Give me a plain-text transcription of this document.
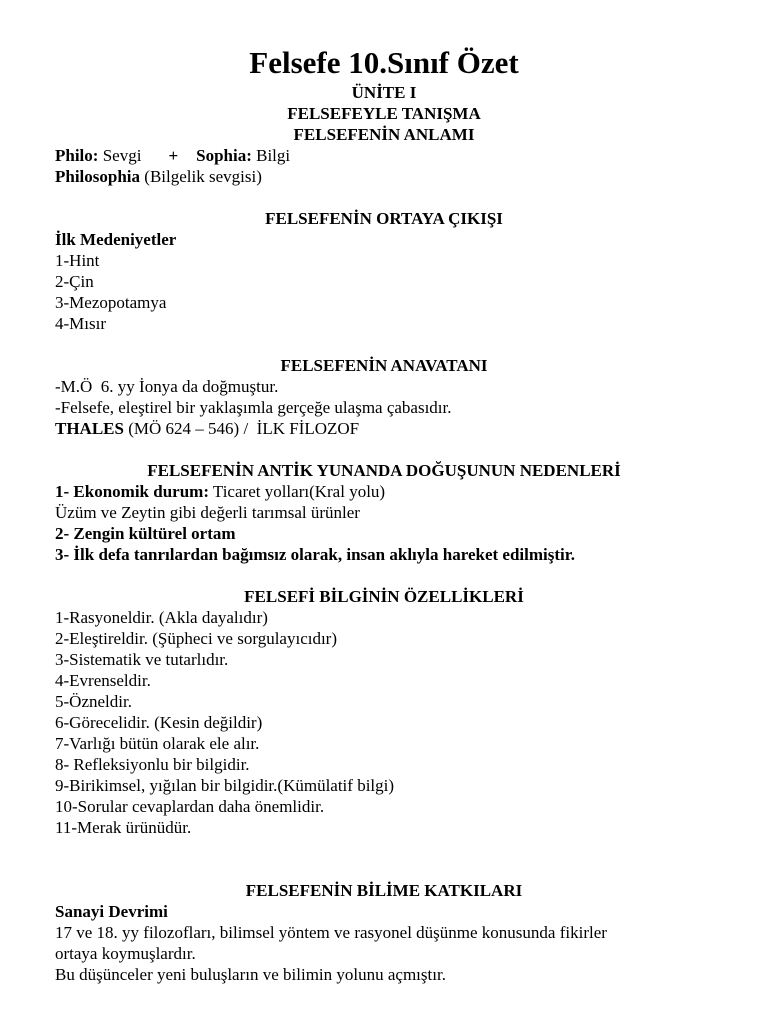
Felsefe 10.Sınıf Özet

ÜNİTE I

FELSEFEYLE TANIŞMA

FELSEFENİN ANLAMI

Philo: Sevgi + Sophia: Bilgi

Philosophia (Bilgelik sevgisi)

FELSEFENİN ORTAYA ÇIKIŞI

İlk Medeniyetler

1-Hint

2-Çin

3-Mezopotamya

4-Mısır

FELSEFENİN ANAVATANI

-M.Ö  6. yy İonya da doğmuştur.

-Felsefe, eleştirel bir yaklaşımla gerçeğe ulaşma çabasıdır.

THALES (MÖ 624 – 546) /  İLK FİLOZOF

FELSEFENİN ANTİK YUNANDA DOĞUŞUNUN NEDENLERİ

1- Ekonomik durum: Ticaret yolları(Kral yolu)

Üzüm ve Zeytin gibi değerli tarımsal ürünler

2- Zengin kültürel ortam

3- İlk defa tanrılardan bağımsız olarak, insan aklıyla hareket edilmiştir.

FELSEFİ BİLGİNİN ÖZELLİKLERİ

1-Rasyoneldir. (Akla dayalıdır)

2-Eleştireldir. (Şüpheci ve sorgulayıcıdır)

3-Sistematik ve tutarlıdır.

4-Evrenseldir.

5-Özneldir.

6-Görecelidir. (Kesin değildir)

7-Varlığı bütün olarak ele alır.

8- Refleksiyonlu bir bilgidir.

9-Birikimsel, yığılan bir bilgidir.(Kümülatif bilgi)

10-Sorular cevaplardan daha önemlidir.

11-Merak ürünüdür.

FELSEFENİN BİLİME KATKILARI

Sanayi Devrimi

17 ve 18. yy filozofları, bilimsel yöntem ve rasyonel düşünme konusunda fikirler

ortaya koymuşlardır.

Bu düşünceler yeni buluşların ve bilimin yolunu açmıştır.
